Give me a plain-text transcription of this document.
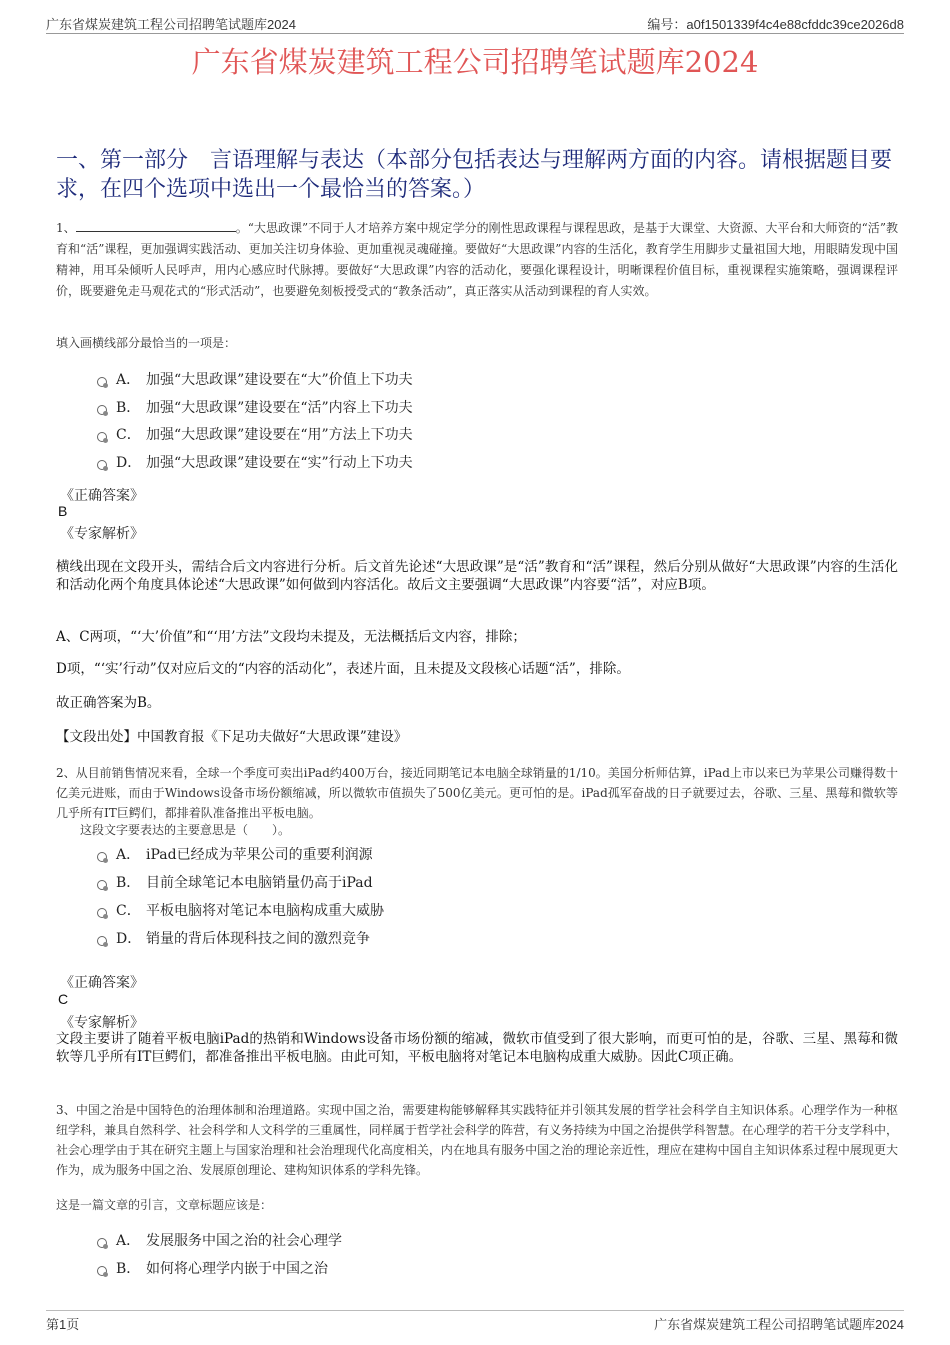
广东省煤炭建筑工程公司招聘笔试题库2024	编号：a0f1501339f4c4e88cfddc39ce2026d8
广东省煤炭建筑工程公司招聘笔试题库2024
一、第一部分　言语理解与表达（本部分包括表达与理解两方面的内容。请根据题目要求，在四个选项中选出一个最恰当的答案。）
1、	。“大思政课”不同于人才培养方案中规定学分的刚性思政课程与课程思政，是基于大课堂、大资源、大平台和大师资的“活”教育和“活”课程，更加强调实践活动、更加关注切身体验、更加重视灵魂碰撞。要做好“大思政课”内容的生活化，教育学生用脚步丈量祖国大地，用眼睛发现中国精神，用耳朵倾听人民呼声，用内心感应时代脉搏。要做好“大思政课”内容的活动化，要强化课程设计，明晰课程价值目标，重视课程实施策略，强调课程评价，既要避免走马观花式的“形式活动”，也要避免刻板授受式的“教条活动”，真正落实从活动到课程的育人实效。
填入画横线部分最恰当的一项是：
A． 加强“大思政课”建设要在“大”价值上下功夫
B． 加强“大思政课”建设要在“活”内容上下功夫
C． 加强“大思政课”建设要在“用”方法上下功夫
D． 加强“大思政课”建设要在“实”行动上下功夫
《正确答案》
B
《专家解析》
横线出现在文段开头，需结合后文内容进行分析。后文首先论述“大思政课”是“活”教育和“活”课程，然后分别从做好“大思政课”内容的生活化和活动化两个角度具体论述“大思政课”如何做到内容活化。故后文主要强调“大思政课”内容要“活”，对应B项。
A、C两项，“‘大’价值”和“‘用’方法”文段均未提及，无法概括后文内容，排除；
D项，“‘实’行动”仅对应后文的“内容的活动化”，表述片面，且未提及文段核心话题“活”，排除。
故正确答案为B。
【文段出处】中国教育报《下足功夫做好“大思政课”建设》
2、从目前销售情况来看，全球一个季度可卖出iPad约400万台，接近同期笔记本电脑全球销量的1/10。美国分析师估算，iPad上市以来已为苹果公司赚得数十亿美元进账，而由于Windows设备市场份额缩减，所以微软市值损失了500亿美元。更可怕的是。iPad孤军奋战的日子就要过去，谷歌、三星、黑莓和微软等几乎所有IT巨鳄们，都排着队准备推出平板电脑。
这段文字要表达的主要意思是（　　）。
A． iPad已经成为苹果公司的重要利润源
B． 目前全球笔记本电脑销量仍高于iPad
C． 平板电脑将对笔记本电脑构成重大威胁
D． 销量的背后体现科技之间的激烈竞争
《正确答案》
C
《专家解析》
文段主要讲了随着平板电脑iPad的热销和Windows设备市场份额的缩减，微软市值受到了很大影响，而更可怕的是，谷歌、三星、黑莓和微软等几乎所有IT巨鳄们，都准备推出平板电脑。由此可知，平板电脑将对笔记本电脑构成重大威胁。因此C项正确。
3、中国之治是中国特色的治理体制和治理道路。实现中国之治，需要建构能够解释其实践特征并引领其发展的哲学社会科学自主知识体系。心理学作为一种枢纽学科，兼具自然科学、社会科学和人文科学的三重属性，同样属于哲学社会科学的阵营，有义务持续为中国之治提供学科智慧。在心理学的若干分支学科中，社会心理学由于其在研究主题上与国家治理和社会治理现代化高度相关，内在地具有服务中国之治的理论亲近性，理应在建构中国自主知识体系过程中展现更大作为，成为服务中国之治、发展原创理论、建构知识体系的学科先锋。
这是一篇文章的引言，文章标题应该是：
A． 发展服务中国之治的社会心理学
B． 如何将心理学内嵌于中国之治
第1页	广东省煤炭建筑工程公司招聘笔试题库2024
